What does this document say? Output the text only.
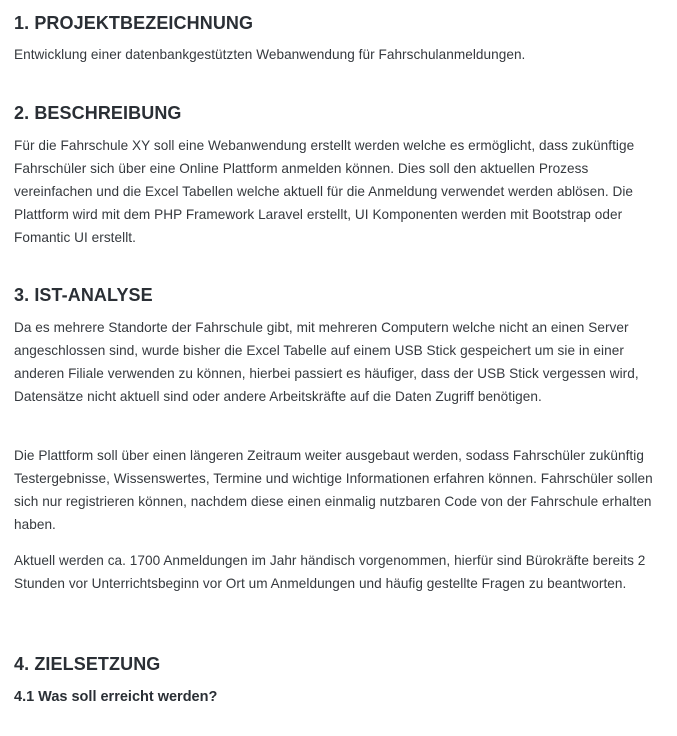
1. PROJEKTBEZEICHNUNG

Entwicklung einer datenbankgestützten Webanwendung für Fahrschulanmeldungen.

2. BESCHREIBUNG

Für die Fahrschule XY soll eine Webanwendung erstellt werden welche es ermöglicht, dass zukünftige Fahrschüler sich über eine Online Plattform anmelden können. Dies soll den aktuellen Prozess vereinfachen und die Excel Tabellen welche aktuell für die Anmeldung verwendet werden ablösen. Die Plattform wird mit dem PHP Framework Laravel erstellt, UI Komponenten werden mit Bootstrap oder Fomantic UI erstellt.

3. IST-ANALYSE

Da es mehrere Standorte der Fahrschule gibt, mit mehreren Computern welche nicht an einen Server angeschlossen sind, wurde bisher die Excel Tabelle auf einem USB Stick gespeichert um sie in einer anderen Filiale verwenden zu können, hierbei passiert es häufiger, dass der USB Stick vergessen wird, Datensätze nicht aktuell sind oder andere Arbeitskräfte auf die Daten Zugriff benötigen.

Die Plattform soll über einen längeren Zeitraum weiter ausgebaut werden, sodass Fahrschüler zukünftig Testergebnisse, Wissenswertes, Termine und wichtige Informationen erfahren können. Fahrschüler sollen sich nur registrieren können, nachdem diese einen einmalig nutzbaren Code von der Fahrschule erhalten haben.

Aktuell werden ca. 1700 Anmeldungen im Jahr händisch vorgenommen, hierfür sind Bürokräfte bereits 2 Stunden vor Unterrichtsbeginn vor Ort um Anmeldungen und häufig gestellte Fragen zu beantworten.

4. ZIELSETZUNG
4.1 Was soll erreicht werden?
